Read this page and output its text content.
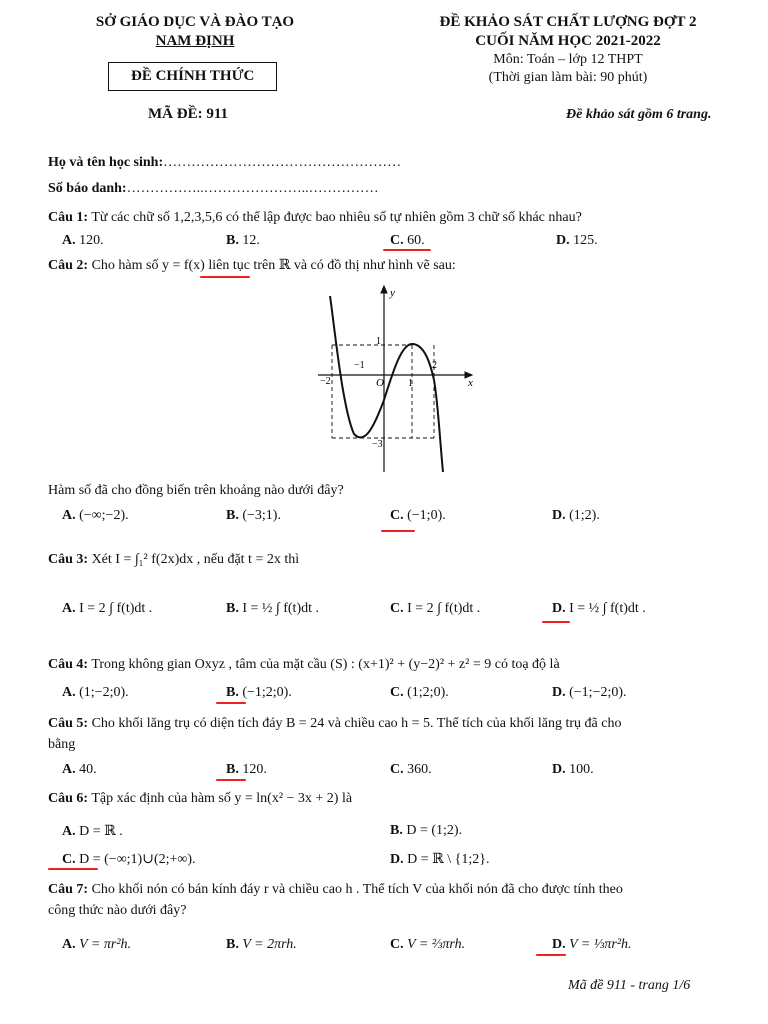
SỞ GIÁO DỤC VÀ ĐÀO TẠO
NAM ĐỊNH
ĐỀ CHÍNH THỨC
MÃ ĐỀ: 911
ĐỀ KHẢO SÁT CHẤT LƯỢNG ĐỢT 2
CUỐI NĂM HỌC 2021-2022
Môn: Toán – lớp 12 THPT
(Thời gian làm bài: 90 phút)
Đề khảo sát gồm 6 trang.
Họ và tên học sinh:……………………………………………
Số báo danh:……………..…………………..……………
Câu 1: Từ các chữ số 1,2,3,5,6 có thể lập được bao nhiêu số tự nhiên gồm 3 chữ số khác nhau?
A. 120.	B. 12.	C. 60.	D. 125.
Câu 2: Cho hàm số y = f(x) liên tục trên ℝ và có đồ thị như hình vẽ sau:
y
x
O
−2
−1
1
2
1
−3
Hàm số đã cho đồng biến trên khoảng nào dưới đây?
A. (−∞;−2).	B. (−3;1).	C. (−1;0).	D. (1;2).
Câu 3: Xét I = ∫₁² f(2x)dx , nếu đặt t = 2x thì
A. I = 2 ∫ f(t)dt .	B. I = ½ ∫ f(t)dt .	C. I = 2 ∫ f(t)dt .	D. I = ½ ∫ f(t)dt .
Câu 4: Trong không gian Oxyz , tâm của mặt cầu (S) : (x+1)² + (y−2)² + z² = 9 có toạ độ là
A. (1;−2;0).	B. (−1;2;0).	C. (1;2;0).	D. (−1;−2;0).
Câu 5: Cho khối lăng trụ có diện tích đáy B = 24 và chiều cao h = 5. Thể tích của khối lăng trụ đã cho
bằng
A. 40.	B. 120.	C. 360.	D. 100.
Câu 6: Tập xác định của hàm số y = ln(x² − 3x + 2) là
A. D = ℝ .	B. D = (1;2).
C. D = (−∞;1)∪(2;+∞).	D. D = ℝ \ {1;2}.
Câu 7: Cho khối nón có bán kính đáy r và chiều cao h . Thể tích V của khối nón đã cho được tính theo
công thức nào dưới đây?
A. V = πr²h.	B. V = 2πrh.	C. V = ⅔πrh.	D. V = ⅓πr²h.
Mã đề 911 - trang 1/6
